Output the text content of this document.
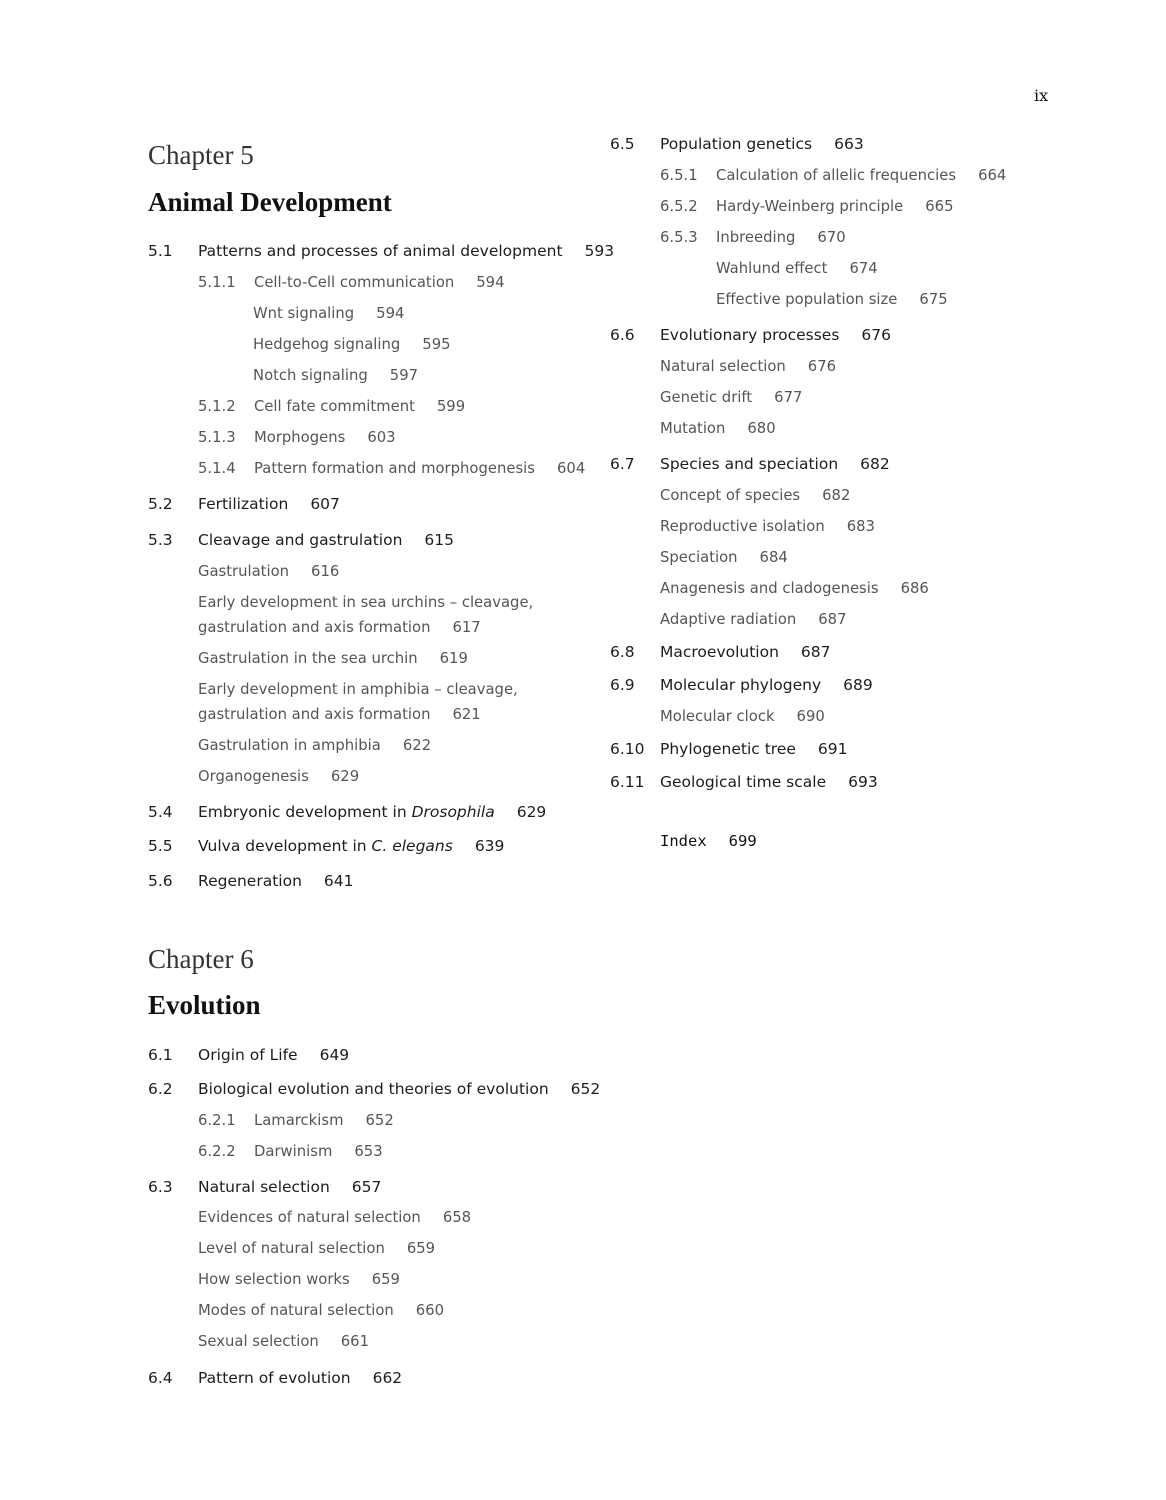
ix
Chapter 5
Animal Development
5.1 Patterns and processes of animal development 593
5.1.1 Cell-to-Cell communication 594
Wnt signaling 594
Hedgehog signaling 595
Notch signaling 597
5.1.2 Cell fate commitment 599
5.1.3 Morphogens 603
5.1.4 Pattern formation and morphogenesis 604
5.2 Fertilization 607
5.3 Cleavage and gastrulation 615
Gastrulation 616
Early development in sea urchins – cleavage,
gastrulation and axis formation 617
Gastrulation in the sea urchin 619
Early development in amphibia – cleavage,
gastrulation and axis formation 621
Gastrulation in amphibia 622
Organogenesis 629
5.4 Embryonic development in Drosophila 629
5.5 Vulva development in C. elegans 639
5.6 Regeneration 641
Chapter 6
Evolution
6.1 Origin of Life 649
6.2 Biological evolution and theories of evolution 652
6.2.1 Lamarckism 652
6.2.2 Darwinism 653
6.3 Natural selection 657
Evidences of natural selection 658
Level of natural selection 659
How selection works 659
Modes of natural selection 660
Sexual selection 661
6.4 Pattern of evolution 662
6.5 Population genetics 663
6.5.1 Calculation of allelic frequencies 664
6.5.2 Hardy-Weinberg principle 665
6.5.3 Inbreeding 670
Wahlund effect 674
Effective population size 675
6.6 Evolutionary processes 676
Natural selection 676
Genetic drift 677
Mutation 680
6.7 Species and speciation 682
Concept of species 682
Reproductive isolation 683
Speciation 684
Anagenesis and cladogenesis 686
Adaptive radiation 687
6.8 Macroevolution 687
6.9 Molecular phylogeny 689
Molecular clock 690
6.10 Phylogenetic tree 691
6.11 Geological time scale 693
Index 699
